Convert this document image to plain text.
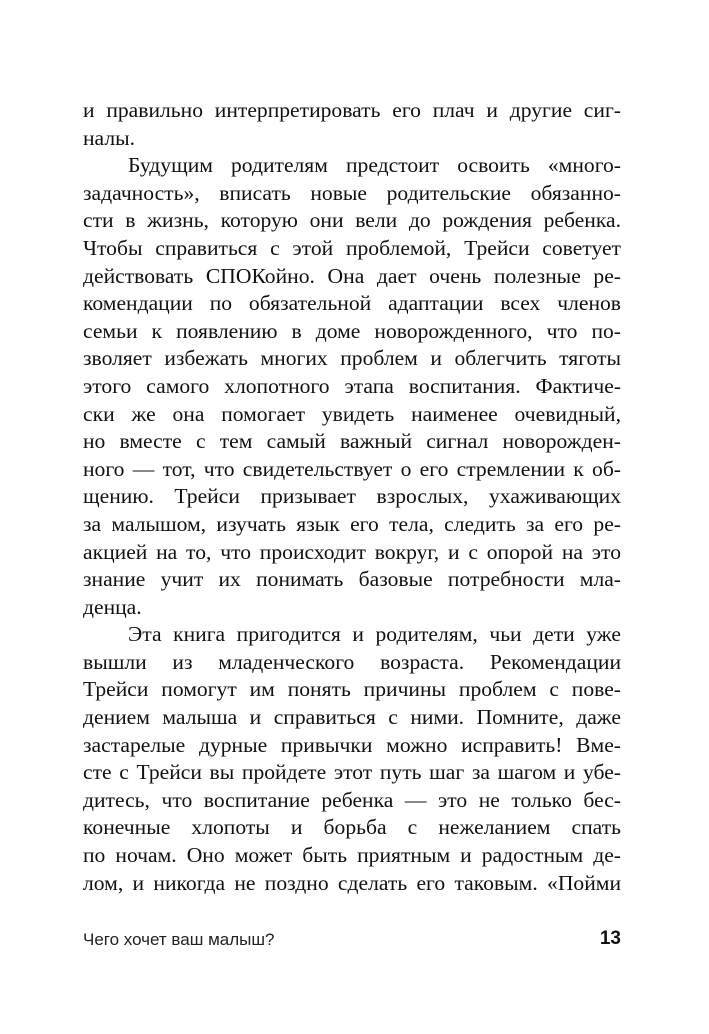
и правильно интерпретировать его плач и другие сиг-
налы.
Будущим родителям предстоит освоить «много-
задачность», вписать новые родительские обязанно-
сти в жизнь, которую они вели до рождения ребенка.
Чтобы справиться с этой проблемой, Трейси советует
действовать СПОКойно. Она дает очень полезные ре-
комендации по обязательной адаптации всех членов
семьи к появлению в доме новорожденного, что по-
зволяет избежать многих проблем и облегчить тяготы
этого самого хлопотного этапа воспитания. Фактиче-
ски же она помогает увидеть наименее очевидный,
но вместе с тем самый важный сигнал новорожден-
ного — тот, что свидетельствует о его стремлении к об-
щению. Трейси призывает взрослых, ухаживающих
за малышом, изучать язык его тела, следить за его ре-
акцией на то, что происходит вокруг, и с опорой на это
знание учит их понимать базовые потребности мла-
денца.
Эта книга пригодится и родителям, чьи дети уже
вышли из младенческого возраста. Рекомендации
Трейси помогут им понять причины проблем с пове-
дением малыша и справиться с ними. Помните, даже
застарелые дурные привычки можно исправить! Вме-
сте с Трейси вы пройдете этот путь шаг за шагом и убе-
дитесь, что воспитание ребенка — это не только бес-
конечные хлопоты и борьба с нежеланием спать
по ночам. Оно может быть приятным и радостным де-
лом, и никогда не поздно сделать его таковым. «Пойми
Чего хочет ваш малыш?	13
